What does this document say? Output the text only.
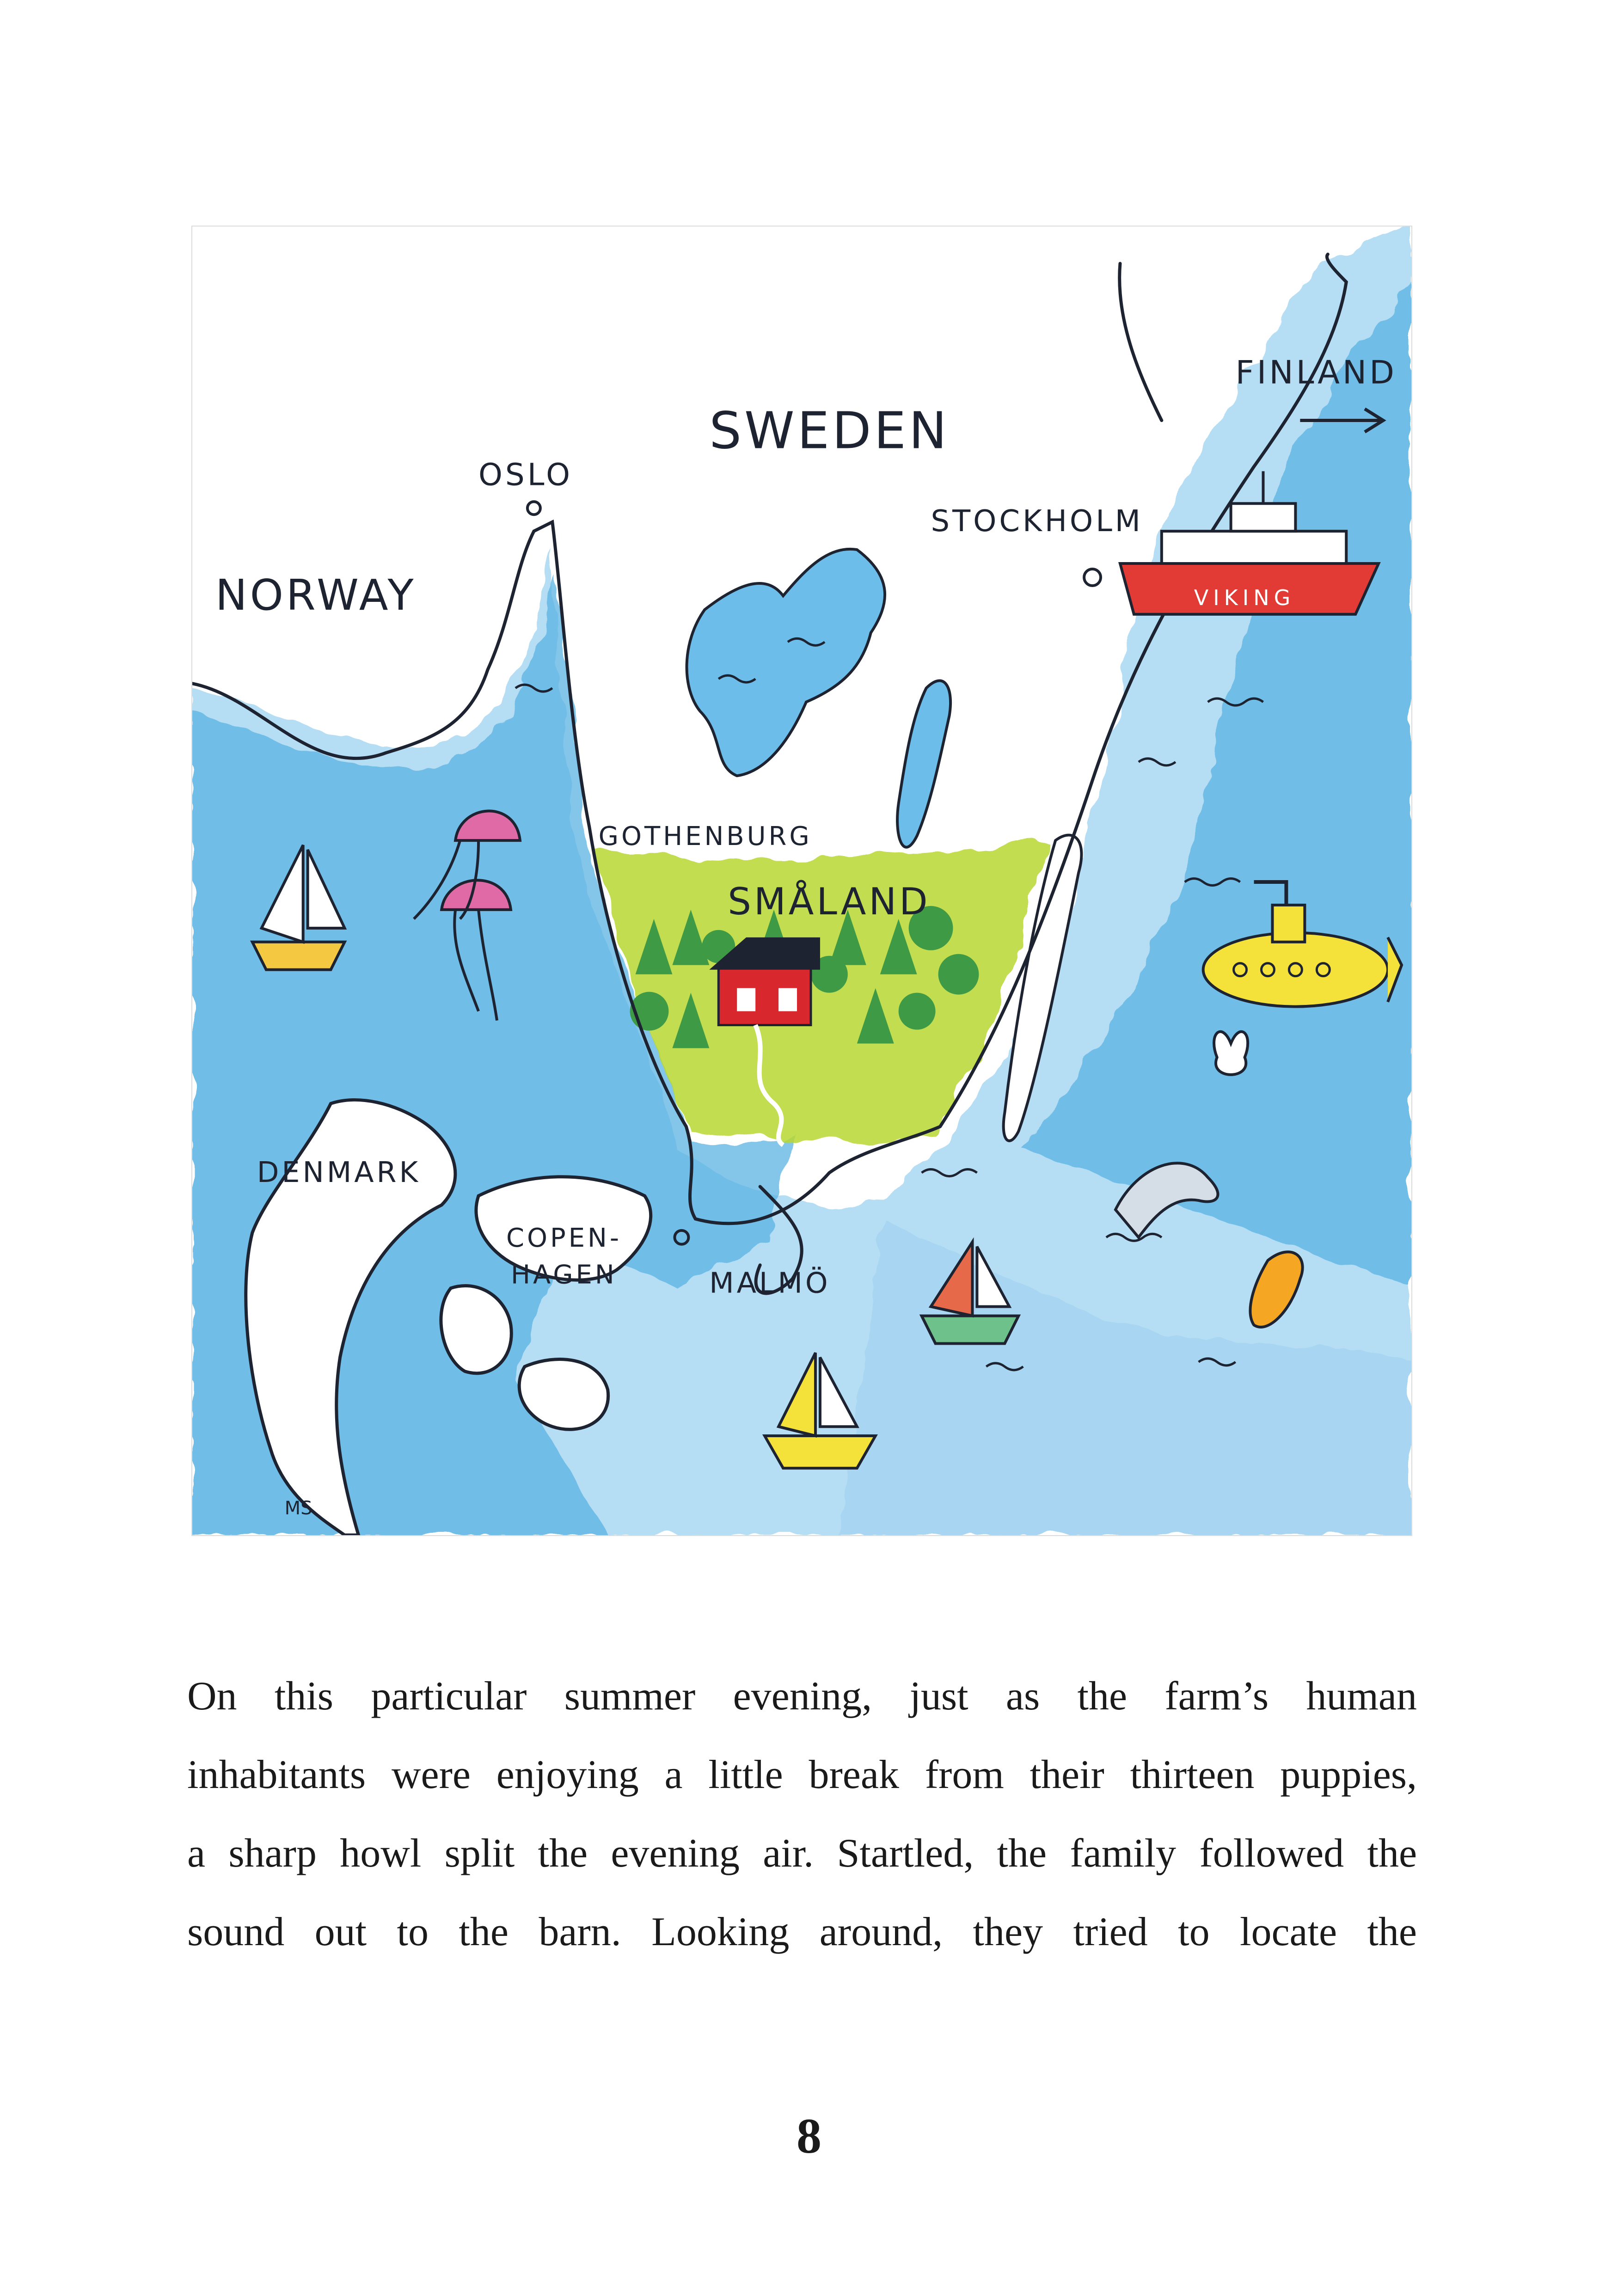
SWEDEN
FINLAND
NORWAY
OSLO
STOCKHOLM
GOTHENBURG
SMÅLAND
DENMARK
COPEN-
HAGEN	MALMÖ
VIKING
MS
On this particular summer evening, just as the farm’s human
inhabitants were enjoying a little break from their thirteen puppies,
a sharp howl split the evening air. Startled, the family followed the
sound out to the barn. Looking around, they tried to locate the
8
